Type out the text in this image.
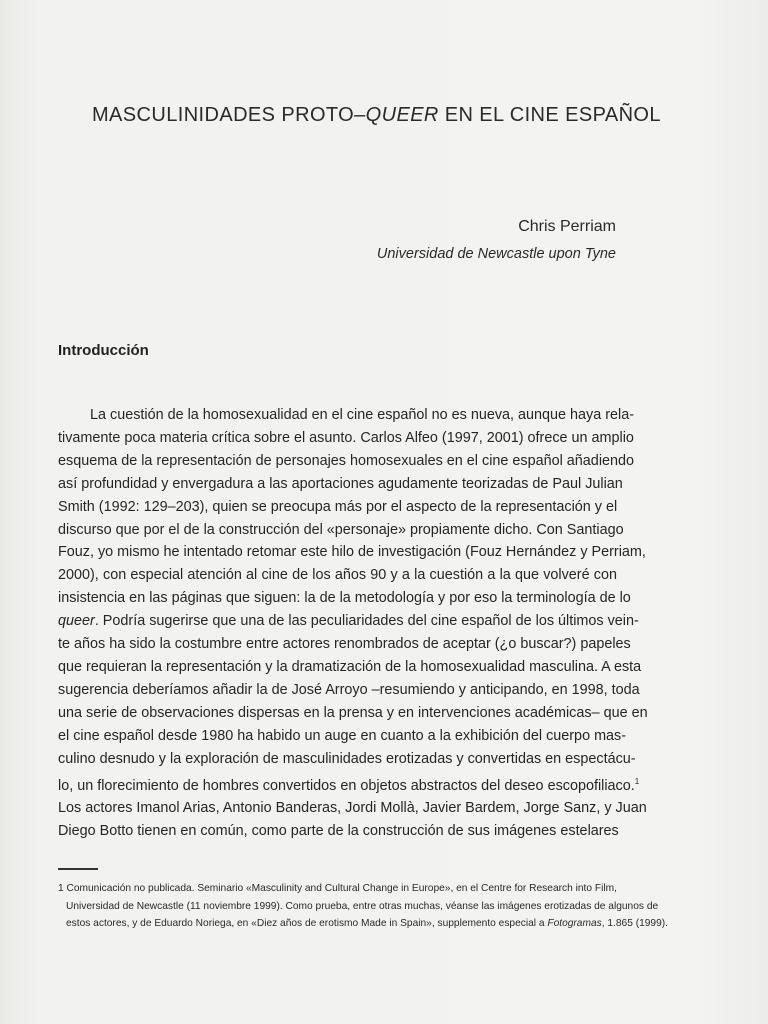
MASCULINIDADES PROTO–QUEER EN EL CINE ESPAÑOL
Chris Perriam
Universidad de Newcastle upon Tyne
Introducción
La cuestión de la homosexualidad en el cine español no es nueva, aunque haya rela-
tivamente poca materia crítica sobre el asunto. Carlos Alfeo (1997, 2001) ofrece un amplio
esquema de la representación de personajes homosexuales en el cine español añadiendo
así profundidad y envergadura a las aportaciones agudamente teorizadas de Paul Julian
Smith (1992: 129–203), quien se preocupa más por el aspecto de la representación y el
discurso que por el de la construcción del «personaje» propiamente dicho. Con Santiago
Fouz, yo mismo he intentado retomar este hilo de investigación (Fouz Hernández y Perriam,
2000), con especial atención al cine de los años 90 y a la cuestión a la que volveré con
insistencia en las páginas que siguen: la de la metodología y por eso la terminología de lo
queer. Podría sugerirse que una de las peculiaridades del cine español de los últimos vein-
te años ha sido la costumbre entre actores renombrados de aceptar (¿o buscar?) papeles
que requieran la representación y la dramatización de la homosexualidad masculina. A esta
sugerencia deberíamos añadir la de José Arroyo –resumiendo y anticipando, en 1998, toda
una serie de observaciones dispersas en la prensa y en intervenciones académicas– que en
el cine español desde 1980 ha habido un auge en cuanto a la exhibición del cuerpo mas-
culino desnudo y la exploración de masculinidades erotizadas y convertidas en espectácu-
lo, un florecimiento de hombres convertidos en objetos abstractos del deseo escopofiliaco.$^1$
Los actores Imanol Arias, Antonio Banderas, Jordi Mollà, Javier Bardem, Jorge Sanz, y Juan
Diego Botto tienen en común, como parte de la construcción de sus imágenes estelares
1 Comunicación no publicada. Seminario «Masculinity and Cultural Change in Europe», en el Centre for Research into Film,
Universidad de Newcastle (11 noviembre 1999). Como prueba, entre otras muchas, véanse las imágenes erotizadas de algunos de
estos actores, y de Eduardo Noriega, en «Diez años de erotismo Made in Spain», supplemento especial a Fotogramas, 1.865 (1999).
